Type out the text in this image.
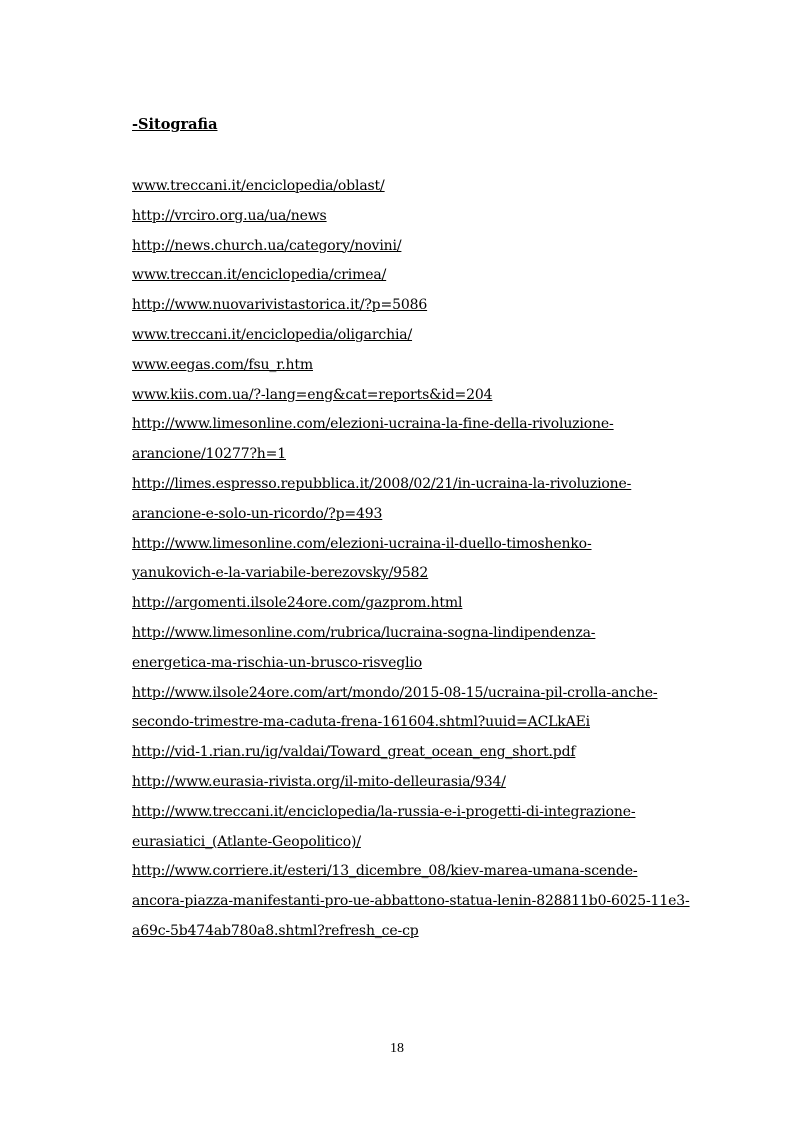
-Sitografia
www.treccani.it/enciclopedia/oblast/
http://vrciro.org.ua/ua/news
http://news.church.ua/category/novini/
www.treccan.it/enciclopedia/crimea/
http://www.nuovarivistastorica.it/?p=5086
www.treccani.it/enciclopedia/oligarchia/
www.eegas.com/fsu_r.htm
www.kiis.com.ua/?-lang=eng&cat=reports&id=204
http://www.limesonline.com/elezioni-ucraina-la-fine-della-rivoluzione-
arancione/10277?h=1
http://limes.espresso.repubblica.it/2008/02/21/in-ucraina-la-rivoluzione-
arancione-e-solo-un-ricordo/?p=493
http://www.limesonline.com/elezioni-ucraina-il-duello-timoshenko-
yanukovich-e-la-variabile-berezovsky/9582
http://argomenti.ilsole24ore.com/gazprom.html
http://www.limesonline.com/rubrica/lucraina-sogna-lindipendenza-
energetica-ma-rischia-un-brusco-risveglio
http://www.ilsole24ore.com/art/mondo/2015-08-15/ucraina-pil-crolla-anche-
secondo-trimestre-ma-caduta-frena-161604.shtml?uuid=ACLkAEi
http://vid-1.rian.ru/ig/valdai/Toward_great_ocean_eng_short.pdf
http://www.eurasia-rivista.org/il-mito-delleurasia/934/
http://www.treccani.it/enciclopedia/la-russia-e-i-progetti-di-integrazione-
eurasiatici_(Atlante-Geopolitico)/
http://www.corriere.it/esteri/13_dicembre_08/kiev-marea-umana-scende-
ancora-piazza-manifestanti-pro-ue-abbattono-statua-lenin-828811b0-6025-11e3-
a69c-5b474ab780a8.shtml?refresh_ce-cp
18
